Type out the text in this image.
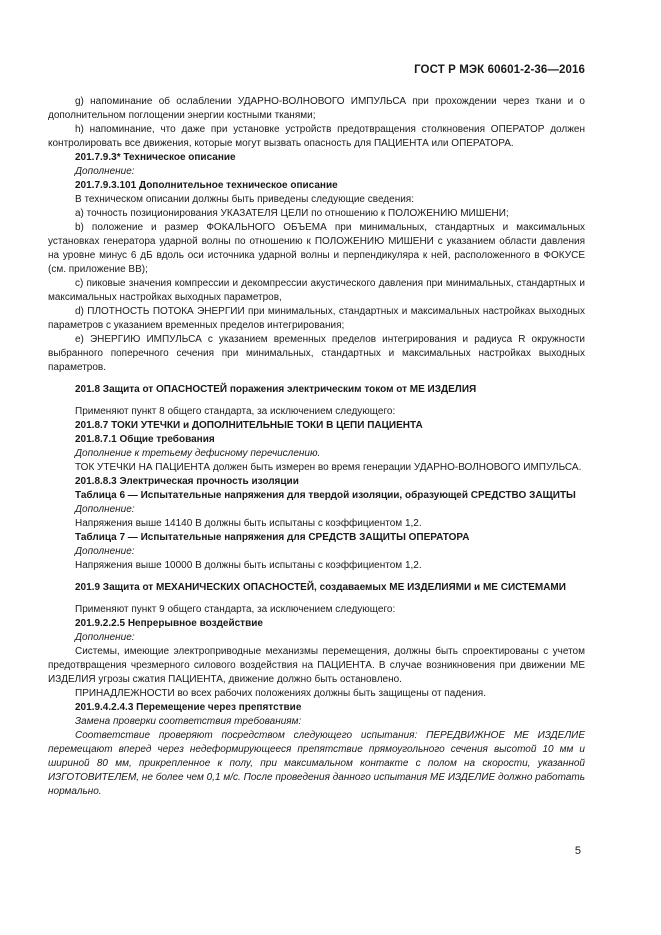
ГОСТ Р МЭК 60601-2-36—2016

g) напоминание об ослаблении УДАРНО-ВОЛНОВОГО ИМПУЛЬСА при прохождении через ткани и о дополнительном поглощении энергии костными тканями;

h) напоминание, что даже при установке устройств предотвращения столкновения ОПЕРАТОР должен контролировать все движения, которые могут вызвать опасность для ПАЦИЕНТА или ОПЕРАТОРА.

201.7.9.3* Техническое описание

Дополнение:

201.7.9.3.101 Дополнительное техническое описание

В техническом описании должны быть приведены следующие сведения:

a) точность позиционирования УКАЗАТЕЛЯ ЦЕЛИ по отношению к ПОЛОЖЕНИЮ МИШЕНИ;

b) положение и размер ФОКАЛЬНОГО ОБЪЕМА при минимальных, стандартных и максимальных установках генератора ударной волны по отношению к ПОЛОЖЕНИЮ МИШЕНИ с указанием области давления на уровне минус 6 дБ вдоль оси источника ударной волны и перпендикуляра к ней, расположенного в ФОКУСЕ (см. приложение ВВ);

c) пиковые значения компрессии и декомпрессии акустического давления при минимальных, стандартных и максимальных настройках выходных параметров,

d) ПЛОТНОСТЬ ПОТОКА ЭНЕРГИИ при минимальных, стандартных и максимальных настройках выходных параметров с указанием временных пределов интегрирования;

e) ЭНЕРГИЮ ИМПУЛЬСА с указанием временных пределов интегрирования и радиуса R окружности выбранного поперечного сечения при минимальных, стандартных и максимальных настройках выходных параметров.

201.8 Защита от ОПАСНОСТЕЙ поражения электрическим током от МЕ ИЗДЕЛИЯ

Применяют пункт 8 общего стандарта, за исключением следующего:

201.8.7 ТОКИ УТЕЧКИ и ДОПОЛНИТЕЛЬНЫЕ ТОКИ В ЦЕПИ ПАЦИЕНТА

201.8.7.1 Общие требования

Дополнение к третьему дефисному перечислению.

ТОК УТЕЧКИ НА ПАЦИЕНТА должен быть измерен во время генерации УДАРНО-ВОЛНОВОГО ИМПУЛЬСА.

201.8.8.3 Электрическая прочность изоляции

Таблица 6 — Испытательные напряжения для твердой изоляции, образующей СРЕДСТВО ЗАЩИТЫ

Дополнение:

Напряжения выше 14140 В должны быть испытаны с коэффициентом 1,2.

Таблица 7 — Испытательные напряжения для СРЕДСТВ ЗАЩИТЫ ОПЕРАТОРА

Дополнение:

Напряжения выше 10000 В должны быть испытаны с коэффициентом 1,2.

201.9 Защита от МЕХАНИЧЕСКИХ ОПАСНОСТЕЙ, создаваемых МЕ ИЗДЕЛИЯМИ и МЕ СИСТЕМАМИ

Применяют пункт 9 общего стандарта, за исключением следующего:

201.9.2.2.5 Непрерывное воздействие

Дополнение:

Системы, имеющие электроприводные механизмы перемещения, должны быть спроектированы с учетом предотвращения чрезмерного силового воздействия на ПАЦИЕНТА. В случае возникновения при движении МЕ ИЗДЕЛИЯ угрозы сжатия ПАЦИЕНТА, движение должно быть остановлено.

ПРИНАДЛЕЖНОСТИ во всех рабочих положениях должны быть защищены от падения.

201.9.4.2.4.3 Перемещение через препятствие

Замена проверки соответствия требованиям:

Соответствие проверяют посредством следующего испытания: ПЕРЕДВИЖНОЕ МЕ ИЗДЕЛИЕ перемещают вперед через недеформирующееся препятствие прямоугольного сечения высотой 10 мм и шириной 80 мм, прикрепленное к полу, при максимальном контакте с полом на скорости, указанной ИЗГОТОВИТЕЛЕМ, не более чем 0,1 м/с. После проведения данного испытания МЕ ИЗДЕЛИЕ должно работать нормально.

5
